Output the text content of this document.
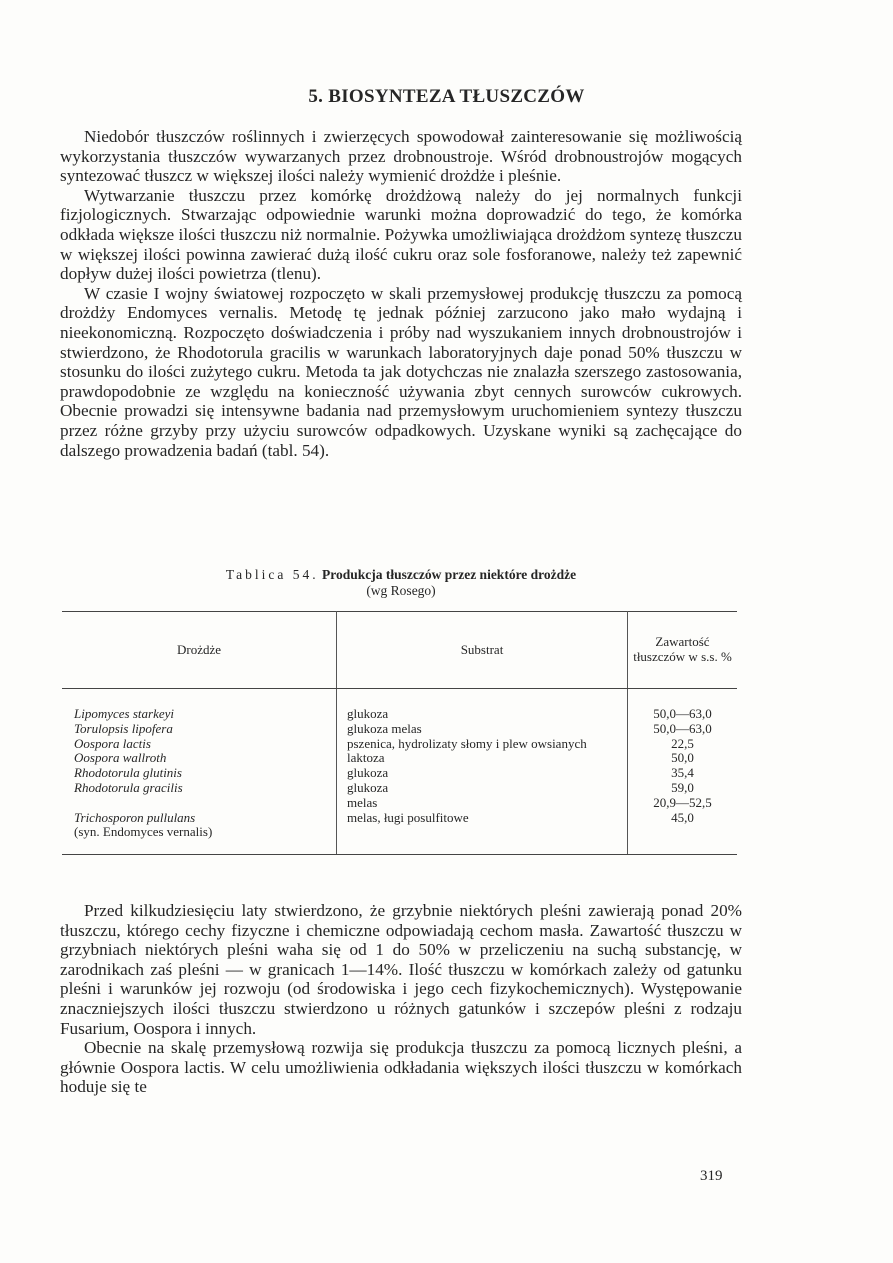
5. BIOSYNTEZA TŁUSZCZÓW

Niedobór tłuszczów roślinnych i zwierzęcych spowodował zainteresowanie się możliwością wykorzystania tłuszczów wywarzanych przez drobnoustroje. Wśród drobnoustrojów mogących syntezować tłuszcz w większej ilości należy wymienić drożdże i pleśnie.

Wytwarzanie tłuszczu przez komórkę drożdżową należy do jej normalnych funkcji fizjologicznych. Stwarzając odpowiednie warunki można doprowadzić do tego, że komórka odkłada większe ilości tłuszczu niż normalnie. Pożywka umożliwiająca drożdżom syntezę tłuszczu w większej ilości powinna zawierać dużą ilość cukru oraz sole fosforanowe, należy też zapewnić dopływ dużej ilości powietrza (tlenu).

W czasie I wojny światowej rozpoczęto w skali przemysłowej produkcję tłuszczu za pomocą drożdży Endomyces vernalis. Metodę tę jednak później zarzucono jako mało wydajną i nieekonomiczną. Rozpoczęto doświadczenia i próby nad wyszukaniem innych drobnoustrojów i stwierdzono, że Rhodotorula gracilis w warunkach laboratoryjnych daje ponad 50% tłuszczu w stosunku do ilości zużytego cukru. Metoda ta jak dotychczas nie znalazła szerszego zastosowania, prawdopodobnie ze względu na konieczność używania zbyt cennych surowców cukrowych. Obecnie prowadzi się intensywne badania nad przemysłowym uruchomieniem syntezy tłuszczu przez różne grzyby przy użyciu surowców odpadkowych. Uzyskane wyniki są zachęcające do dalszego prowadzenia badań (tabl. 54).

Tablica 54. Produkcja tłuszczów przez niektóre drożdże
(wg Rosego)
Drożdże	Substrat	Zawartość tłuszczów w s.s. %
Lipomyces starkeyi	glukoza	50,0—63,0
Torulopsis lipofera	glukoza melas	50,0—63,0
Oospora lactis	pszenica, hydrolizaty słomy i plew owsianych	22,5
Oospora wallroth	laktoza	50,0
Rhodotorula glutinis	glukoza	35,4
Rhodotorula gracilis	glukoza	59,0
	melas	20,9—52,5
Trichosporon pullulans
(syn. Endomyces vernalis)	melas, ługi posulfitowe	45,0

Przed kilkudziesięciu laty stwierdzono, że grzybnie niektórych pleśni zawierają ponad 20% tłuszczu, którego cechy fizyczne i chemiczne odpowiadają cechom masła. Zawartość tłuszczu w grzybniach niektórych pleśni waha się od 1 do 50% w przeliczeniu na suchą substancję, w zarodnikach zaś pleśni — w granicach 1—14%. Ilość tłuszczu w komórkach zależy od gatunku pleśni i warunków jej rozwoju (od środowiska i jego cech fizykochemicznych). Występowanie znaczniejszych ilości tłuszczu stwierdzono u różnych gatunków i szczepów pleśni z rodzaju Fusarium, Oospora i innych.

Obecnie na skalę przemysłową rozwija się produkcja tłuszczu za pomocą licznych pleśni, a głównie Oospora lactis. W celu umożliwienia odkładania większych ilości tłuszczu w komórkach hoduje się te

319
